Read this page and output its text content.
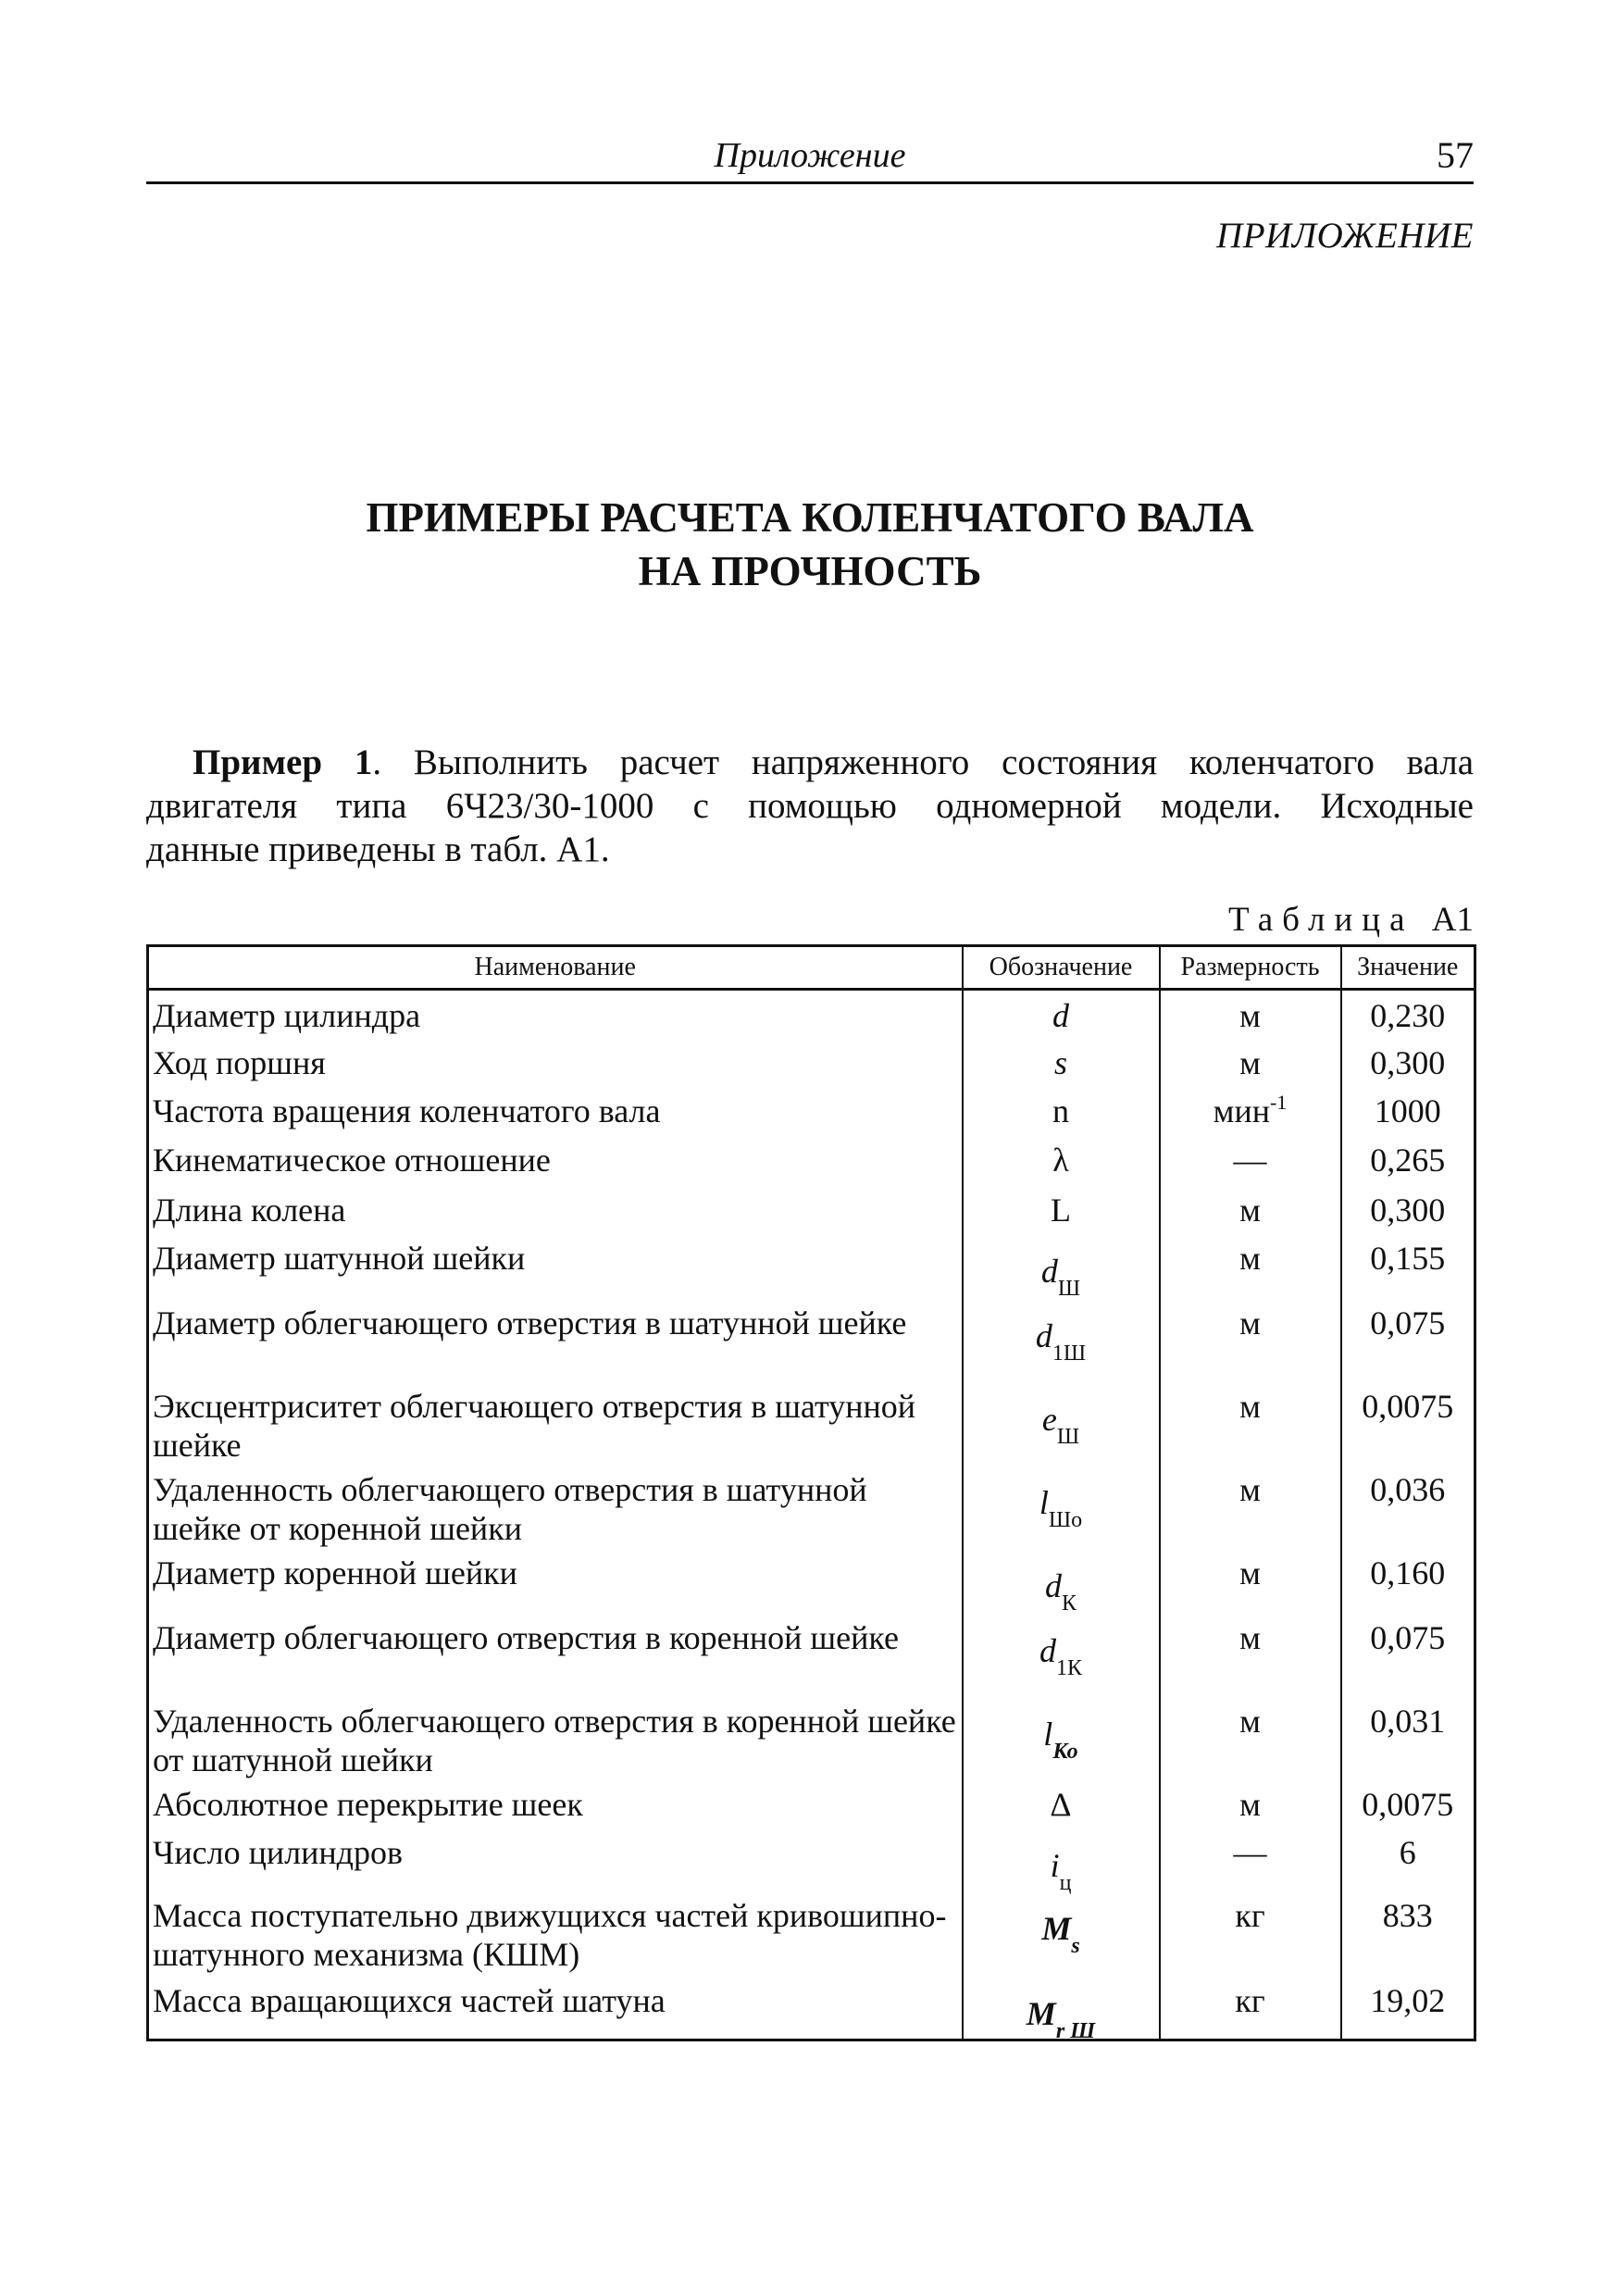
Приложение	57
ПРИЛОЖЕНИЕ
ПРИМЕРЫ РАСЧЕТА КОЛЕНЧАТОГО ВАЛА
НА ПРОЧНОСТЬ
Пример 1. Выполнить расчет напряженного состояния коленчатого вала
двигателя типа 6Ч23/30-1000 с помощью одномерной модели. Исходные
данные приведены в табл. А1.
Таблица А1
Наименование	Обозначение	Размерность	Значение
Диаметр цилиндра	d	м	0,230
Ход поршня	s	м	0,300
Частота вращения коленчатого вала	n	мин$^{-1}$	1000
Кинематическое отношение	λ	—	0,265
Длина колена	L	м	0,300
Диаметр шатунной шейки	$d_Ш$	м	0,155
Диаметр облегчающего отверстия в шатунной шейке	$d_{1Ш}$	м	0,075
Эксцентриситет облегчающего отверстия в шатунной шейке	$e_Ш$	м	0,0075
Удаленность облегчающего отверстия в шатунной шейке от коренной шейки	$l_{Шо}$	м	0,036
Диаметр коренной шейки	$d_К$	м	0,160
Диаметр облегчающего отверстия в коренной шейке	$d_{1К}$	м	0,075
Удаленность облегчающего отверстия в коренной шейке от шатунной шейки	$l_{Ко}$	м	0,031
Абсолютное перекрытие шеек	Δ	м	0,0075
Число цилиндров	$i_ц$	—	6
Масса поступательно движущихся частей кривошипно-шатунного механизма (КШМ)	$M_s$	кг	833
Масса вращающихся частей шатуна	$M_{r Ш}$	кг	19,02
